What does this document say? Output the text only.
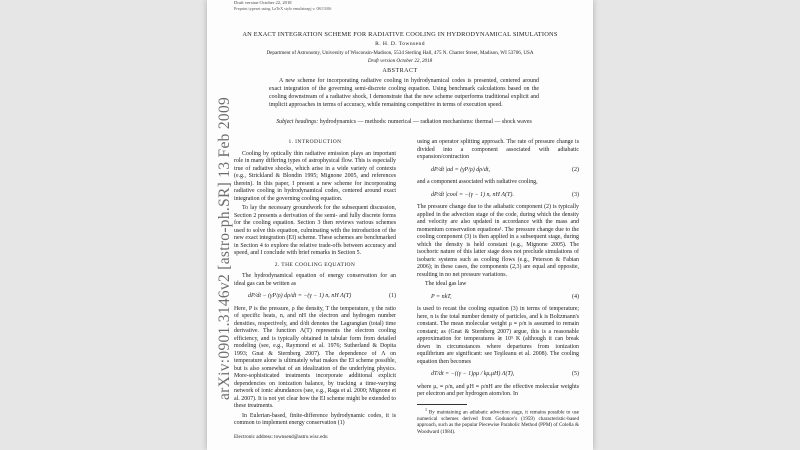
Draft version October 22, 2018
Preprint typeset using LaTeX style emulateapj v. 08/13/06
AN EXACT INTEGRATION SCHEME FOR RADIATIVE COOLING IN HYDRODYNAMICAL SIMULATIONS
R. H. D. Townsend
Department of Astronomy, University of Wisconsin-Madison, 5534 Sterling Hall, 475 N. Charter Street, Madison, WI 53706, USA
Draft version October 22, 2018
ABSTRACT
A new scheme for incorporating radiative cooling in hydrodynamical codes is presented, centered around exact integration of the governing semi-discrete cooling equation. Using benchmark calculations based on the cooling downstream of a radiative shock, I demonstrate that the new scheme outperforms traditional explicit and implicit approaches in terms of accuracy, while remaining competitive in terms of execution speed.
Subject headings: hydrodynamics — methods: numerical — radiation mechanisms: thermal — shock waves
1. INTRODUCTION

Cooling by optically thin radiative emission plays an important role in many differing types of astrophysical flow. This is especially true of radiative shocks, which arise in a wide variety of contexts (e.g., Strickland & Blondin 1995; Mignone 2005, and references therein). In this paper, I present a new scheme for incorporating radiative cooling in hydrodynamical codes, centered around exact integration of the governing cooling equation.

To lay the necessary groundwork for the subsequent discussion, Section 2 presents a derivation of the semi- and fully discrete forms for the cooling equation. Section 3 then reviews various schemes used to solve this equation, culminating with the introduction of the new exact integration (EI) scheme. These schemes are benchmarked in Section 4 to explore the relative trade-offs between accuracy and speed, and I conclude with brief remarks in Section 5.

2. THE COOLING EQUATION

The hydrodynamical equation of energy conservation for an ideal gas can be written as

dP/dt − (γP/ρ) dρ/dt = −(γ − 1) nₑ nH Λ(T)	(1)

Here, P is the pressure, ρ the density, T the temperature, γ the ratio of specific heats, nₑ and nH the electron and hydrogen number densities, respectively, and d/dt denotes the Lagrangian (total) time derivative. The function Λ(T) represents the electron cooling efficiency, and is typically obtained in tabular form from detailed modeling (see, e.g., Raymond et al. 1976; Sutherland & Dopita 1993; Gnat & Sternberg 2007). The dependence of Λ on temperature alone is ultimately what makes the EI scheme possible, but is also somewhat of an idealization of the underlying physics. More-sophisticated treatments incorporate additional explicit dependencies on ionization balance, by tracking a time-varying network of ionic abundances (see, e.g., Raga et al. 2000; Mignone et al. 2007). It is not yet clear how the EI scheme might be extended to these treatments.

In Eulerian-based, finite-difference hydrodynamic codes, it is common to implement energy conservation (1)

Electronic address: townsend@astro.wisc.edu

using an operator splitting approach. The rate of pressure change is divided into a component associated with adiabatic expansion/contraction

dP/dt |ad = (γP/ρ) dρ/dt,	(2)

and a component associated with radiative cooling,

dP/dt |cool = −(γ − 1) nₑ nH Λ(T).	(3)

The pressure change due to the adiabatic component (2) is typically applied in the advection stage of the code, during which the density and velocity are also updated in accordance with the mass and momentum conservation equations¹. The pressure change due to the cooling component (3) is then applied in a subsequent stage, during which the density is held constant (e.g., Mignone 2005). The isochoric nature of this latter stage does not preclude simulations of isobaric systems such as cooling flows (e.g., Peterson & Fabian 2006); in these cases, the components (2,3) are equal and opposite, resulting in no net pressure variations.

The ideal gas law

P = nkT,	(4)

is used to recast the cooling equation (3) in terms of temperature; here, n is the total number density of particles, and k is Boltzmann's constant. The mean molecular weight μ ≡ ρ/n is assumed to remain constant; as (Gnat & Sternberg 2007) argue, this is a reasonable approximation for temperatures ≳ 10⁵ K (although it can break down in circumstances where departures from ionization equilibrium are significant: see Teşileanu et al. 2008). The cooling equation then becomes

dT/dt = −((γ − 1)ρμ / kμₑμH) Λ(T),	(5)

where μₑ ≡ ρ/nₑ and μH ≡ ρ/nH are the effective molecular weights per electron and per hydrogen atom/ion. In

$^1$ By maintaining an adiabatic advection stage, it remains possible to use numerical schemes derived from Godunov's (1959) characteristic-based approach, such as the popular Piecewise Parabolic Method (PPM) of Colella & Woodward (1984).

arXiv:0901.3146v2 [astro-ph.SR] 13 Feb 2009
